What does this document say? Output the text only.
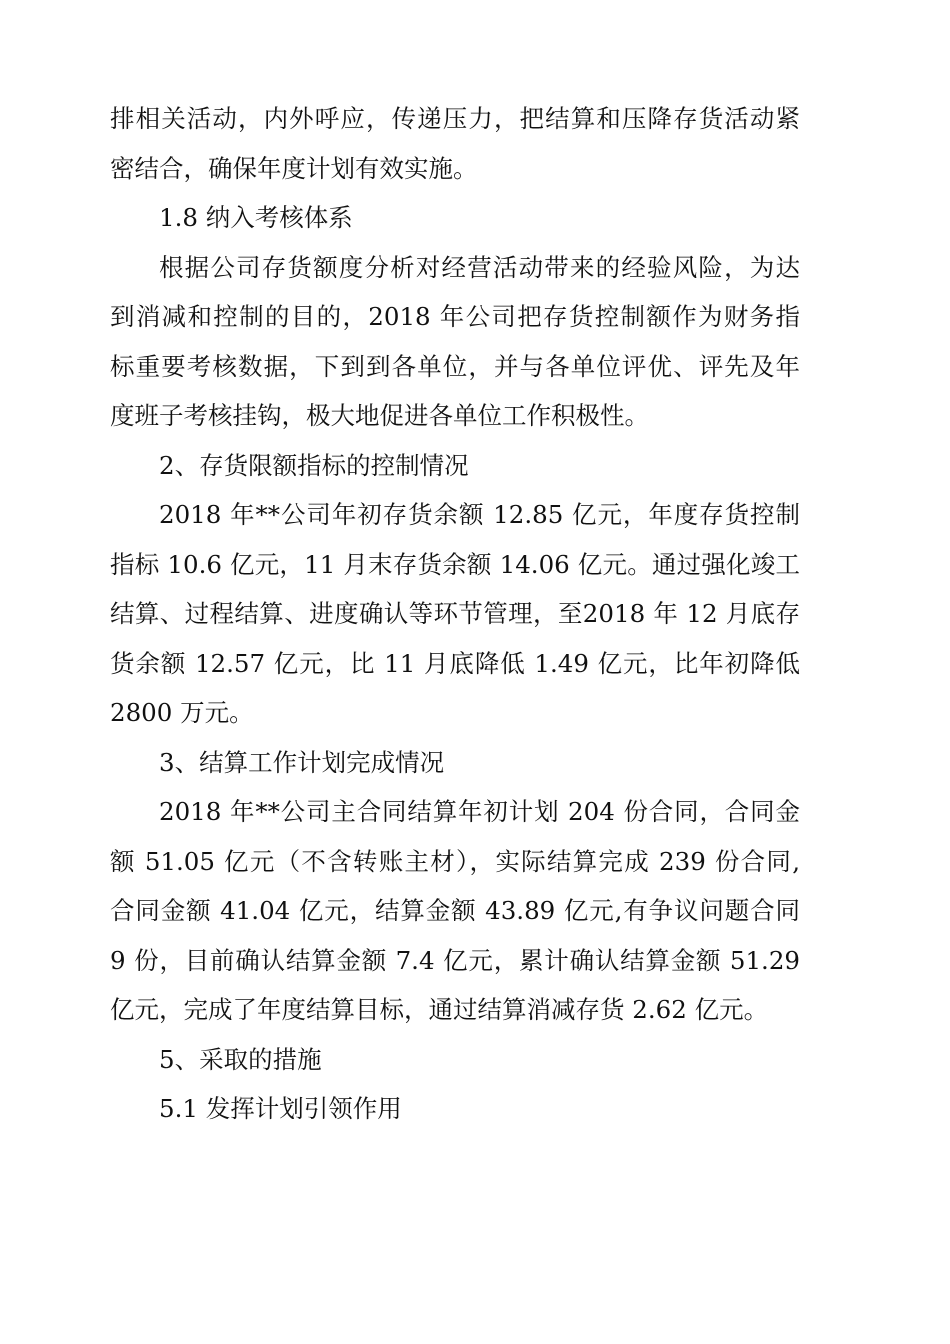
排相关活动，内外呼应，传递压力，把结算和压降存货活动紧
密结合，确保年度计划有效实施。
1.8 纳入考核体系
根据公司存货额度分析对经营活动带来的经验风险，为达
到消减和控制的目的，2018 年公司把存货控制额作为财务指
标重要考核数据，下到到各单位，并与各单位评优、评先及年
度班子考核挂钩，极大地促进各单位工作积极性。
2、存货限额指标的控制情况
2018 年**公司年初存货余额 12.85 亿元，年度存货控制
指标 10.6 亿元，11 月末存货余额 14.06 亿元。通过强化竣工
结算、过程结算、进度确认等环节管理，至2018 年 12 月底存
货余额 12.57 亿元，比 11 月底降低 1.49 亿元，比年初降低
2800 万元。
3、结算工作计划完成情况
2018 年**公司主合同结算年初计划 204 份合同，合同金
额 51.05 亿元（不含转账主材），实际结算完成 239 份合同,
合同金额 41.04 亿元，结算金额 43.89 亿元,有争议问题合同
9 份，目前确认结算金额 7.4 亿元，累计确认结算金额 51.29
亿元，完成了年度结算目标，通过结算消减存货 2.62 亿元。
5、采取的措施
5.1 发挥计划引领作用
